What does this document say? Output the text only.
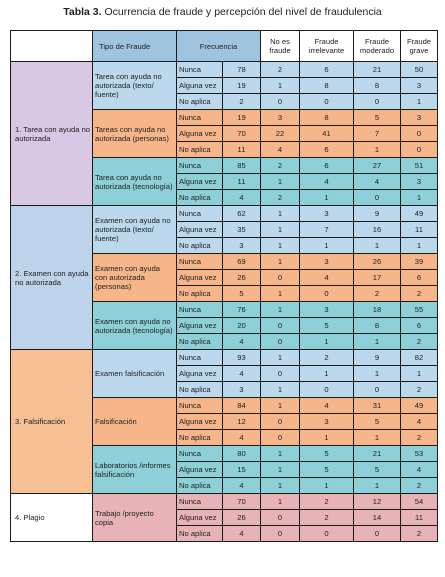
Tabla 3. Ocurrencia de fraude y percepción del nivel de fraudulencia
	Tipo de Fraude	Frecuencia		No es fraude	Fraude irrelevante	Fraude moderado	Fraude grave
1. Tarea con ayuda no autorizada	Tarea con ayuda no autorizada (texto/ fuente)	Nunca	78	2	6	21	50
		Alguna vez	19	1	8	8	3
		No aplica	2	0	0	0	1
	Tareas con ayuda no autorizada (personas)	Nunca	19	3	8	5	3
		Alguna vez	70	22	41	7	0
		No aplica	11	4	6	1	0
	Tarea con ayuda no autorizada (tecnología)	Nunca	85	2	6	27	51
		Alguna vez	11	1	4	4	3
		No aplica	4	2	1	0	1
2. Examen con ayuda no autorizada	Examen con ayuda no autorizada (texto/ fuente)	Nunca	62	1	3	9	49
		Alguna vez	35	1	7	16	11
		No aplica	3	1	1	1	1
	Examen con ayuda con autorizada (personas)	Nunca	69	1	3	26	39
		Alguna vez	26	0	4	17	6
		No aplica	5	1	0	2	2
	Examen con ayuda no autorizada (tecnología)	Nunca	76	1	3	18	55
		Alguna vez	20	0	5	8	6
		No aplica	4	0	1	1	2
3. Falsificación	Examen falsificación	Nunca	93	1	2	9	82
		Alguna vez	4	0	1	1	1
		No aplica	3	1	0	0	2
	Falsificación	Nunca	84	1	4	31	49
		Alguna vez	12	0	3	5	4
		No aplica	4	0	1	1	2
	Laboratorios /informes falsificación	Nunca	80	1	5	21	53
		Alguna vez	15	1	5	5	4
		No aplica	4	1	1	1	2
4. Plagio	Trabajo /proyecto copia	Nunca	70	1	2	12	54
		Alguna vez	26	0	2	14	11
		No aplica	4	0	0	0	2
